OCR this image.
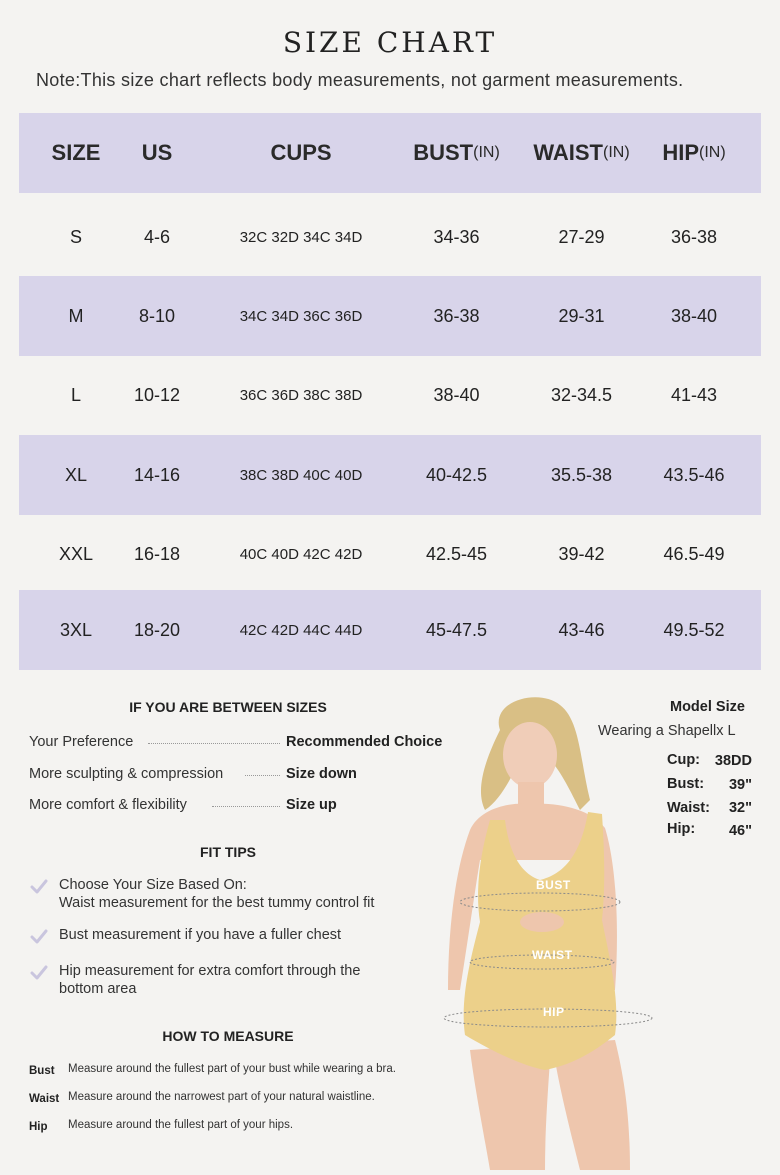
SIZE CHART
Note:This size chart reflects body measurements, not garment measurements.
SIZE US	CUPS	BUST (IN) WAIST (IN) HIP (IN)
S	4-6	32C 32D 34C 34D	34-36	27-29	36-38
M	8-10	34C 34D 36C 36D	36-38	29-31	38-40
L	10-12	36C 36D 38C 38D	38-40	32-34.5	41-43
XL	14-16	38C 38D 40C 40D	40-42.5	35.5-38	43.5-46
XXL	16-18	40C 40D 42C 42D	42.5-45	39-42	46.5-49
3XL	18-20	42C 42D 44C 44D	45-47.5	43-46	49.5-52
IF YOU ARE BETWEEN SIZES
Your Preference	Recommended Choice
More sculpting & compression	Size down
More comfort & flexibility	Size up
FIT TIPS
Choose Your Size Based On:
Waist measurement for the best tummy control fit
Bust measurement if you have a fuller chest
Hip measurement for extra comfort through the
bottom area
HOW TO MEASURE
Bust Measure around the fullest part of your bust while wearing a bra.
Waist Measure around the narrowest part of your natural waistline.
Hip Measure around the fullest part of your hips.
BUST
WAIST
HIP
Model Size
Wearing a Shapellx L
Cup: 38DD
Bust: 39"
Waist: 32"
Hip: 46"
